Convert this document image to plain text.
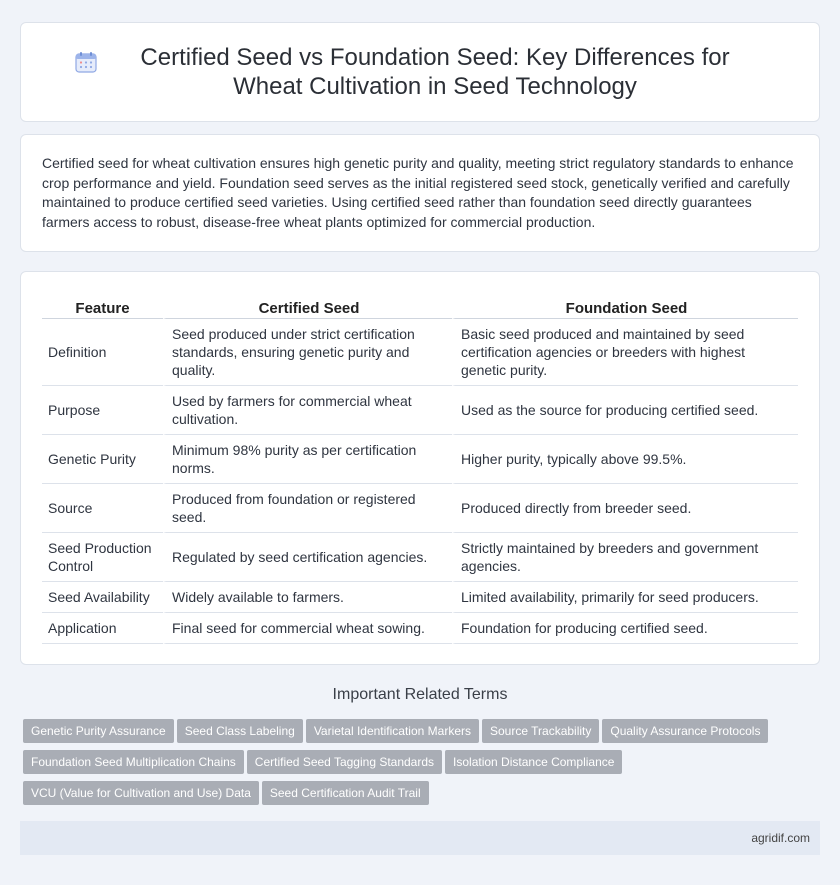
Certified Seed vs Foundation Seed: Key Differences for Wheat Cultivation in Seed Technology

Certified seed for wheat cultivation ensures high genetic purity and quality, meeting strict regulatory standards to enhance crop performance and yield. Foundation seed serves as the initial registered seed stock, genetically verified and carefully maintained to produce certified seed varieties. Using certified seed rather than foundation seed directly guarantees farmers access to robust, disease-free wheat plants optimized for commercial production.

Feature	Certified Seed	Foundation Seed
Definition	Seed produced under strict certification standards, ensuring genetic purity and quality.	Basic seed produced and maintained by seed certification agencies or breeders with highest genetic purity.
Purpose	Used by farmers for commercial wheat cultivation.	Used as the source for producing certified seed.
Genetic Purity	Minimum 98% purity as per certification norms.	Higher purity, typically above 99.5%.
Source	Produced from foundation or registered seed.	Produced directly from breeder seed.
Seed Production Control	Regulated by seed certification agencies.	Strictly maintained by breeders and government agencies.
Seed Availability	Widely available to farmers.	Limited availability, primarily for seed producers.
Application	Final seed for commercial wheat sowing.	Foundation for producing certified seed.
Important Related Terms
Genetic Purity Assurance Seed Class Labeling Varietal Identification Markers Source Trackability Quality Assurance ProtocolsFoundation Seed Multiplication Chains Certified Seed Tagging Standards Isolation Distance ComplianceVCU (Value for Cultivation and Use) Data Seed Certification Audit Trail
agridif.com
